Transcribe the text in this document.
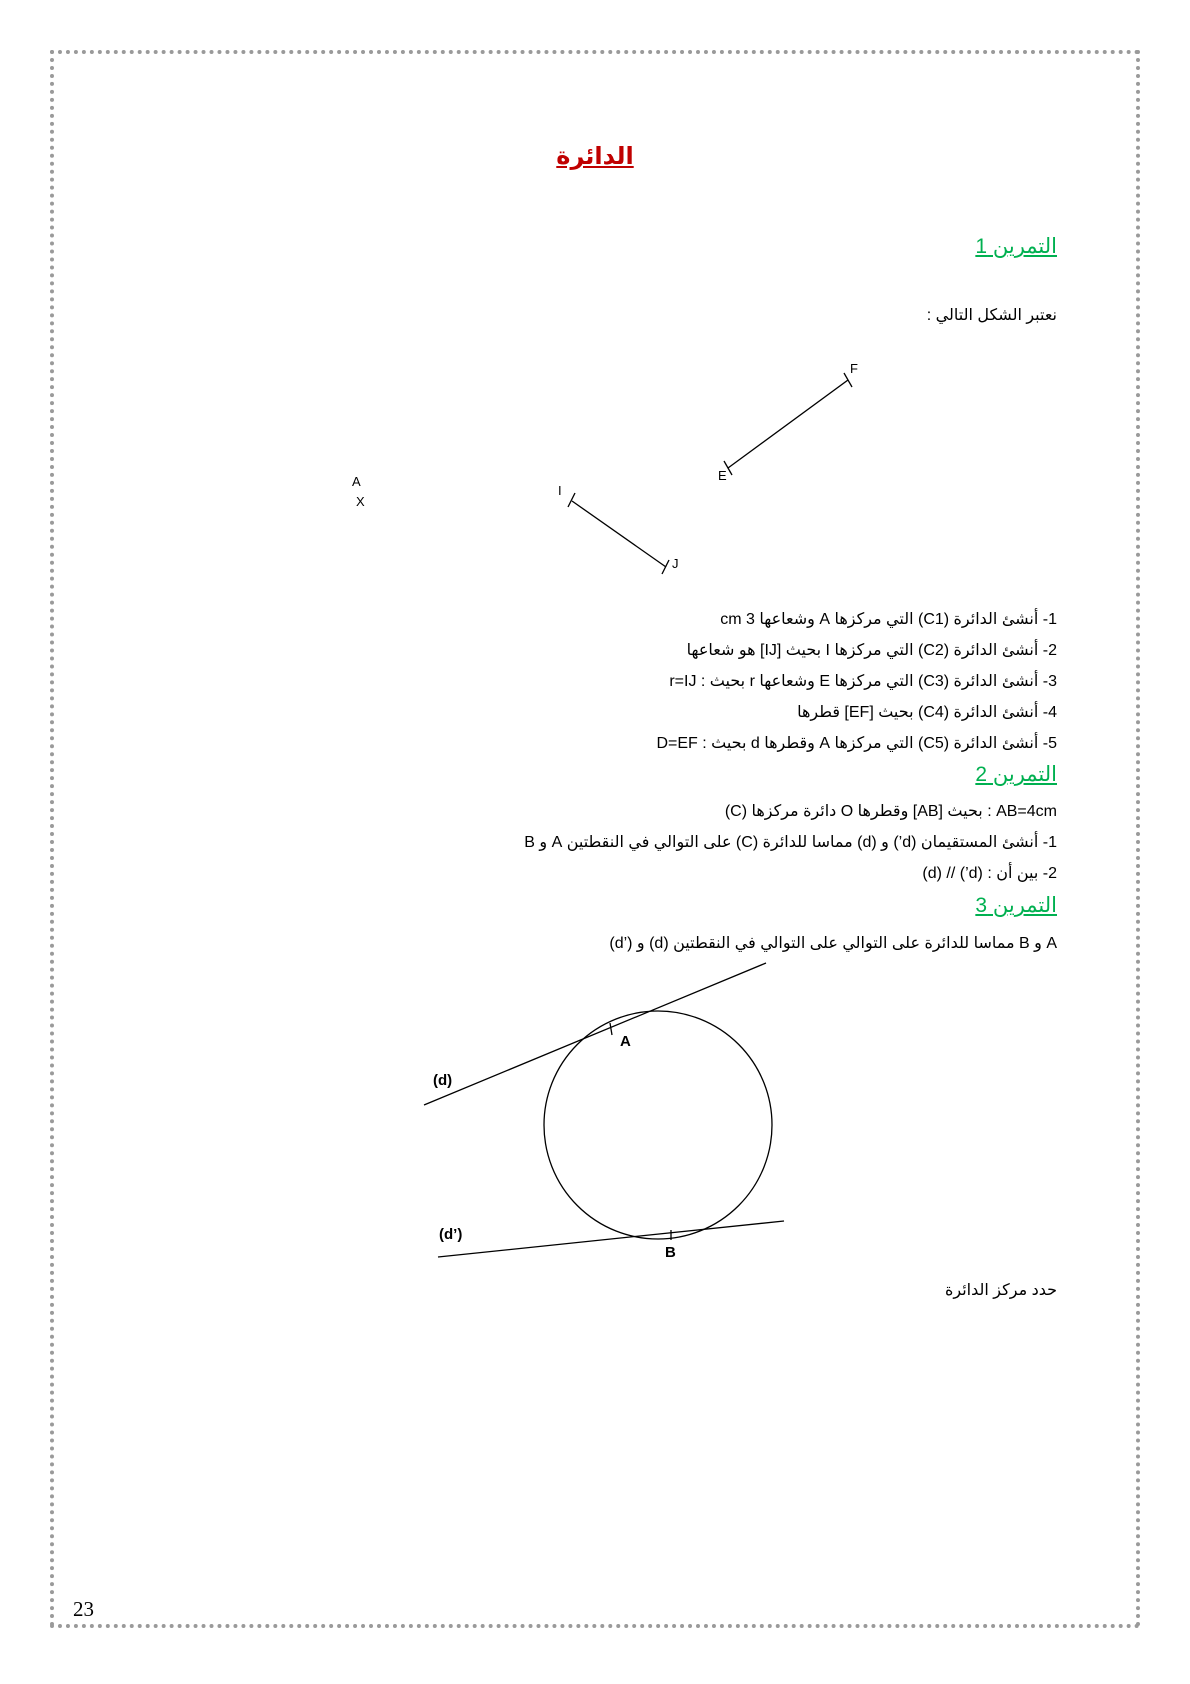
الدائرة
التمرين 1
نعتبر الشكل التالي :
A
X
E
F
I
J
1- أنشئ الدائرة (C1) التي مركزها A وشعاعها 3 cm
2- أنشئ الدائرة (C2) التي مركزها I بحيث [IJ] هو شعاعها
3- أنشئ الدائرة (C3) التي مركزها E وشعاعها r بحيث : r=IJ
4- أنشئ الدائرة (C4) بحيث [EF] قطرها
5- أنشئ الدائرة (C5) التي مركزها A وقطرها d بحيث : D=EF
التمرين 2
(C) دائرة مركزها O وقطرها [AB] بحيث : AB=4cm
1- أنشئ المستقيمان (d’) و (d) مماسا للدائرة (C) على التوالي في النقطتين A و B
2- بين أن : (d’) // (d)
التمرين 3
(d’) و (d) مماسا للدائرة على التوالي على التوالي في النقطتين B و A
A
B
(d)
(d’)
حدد مركز الدائرة
23
